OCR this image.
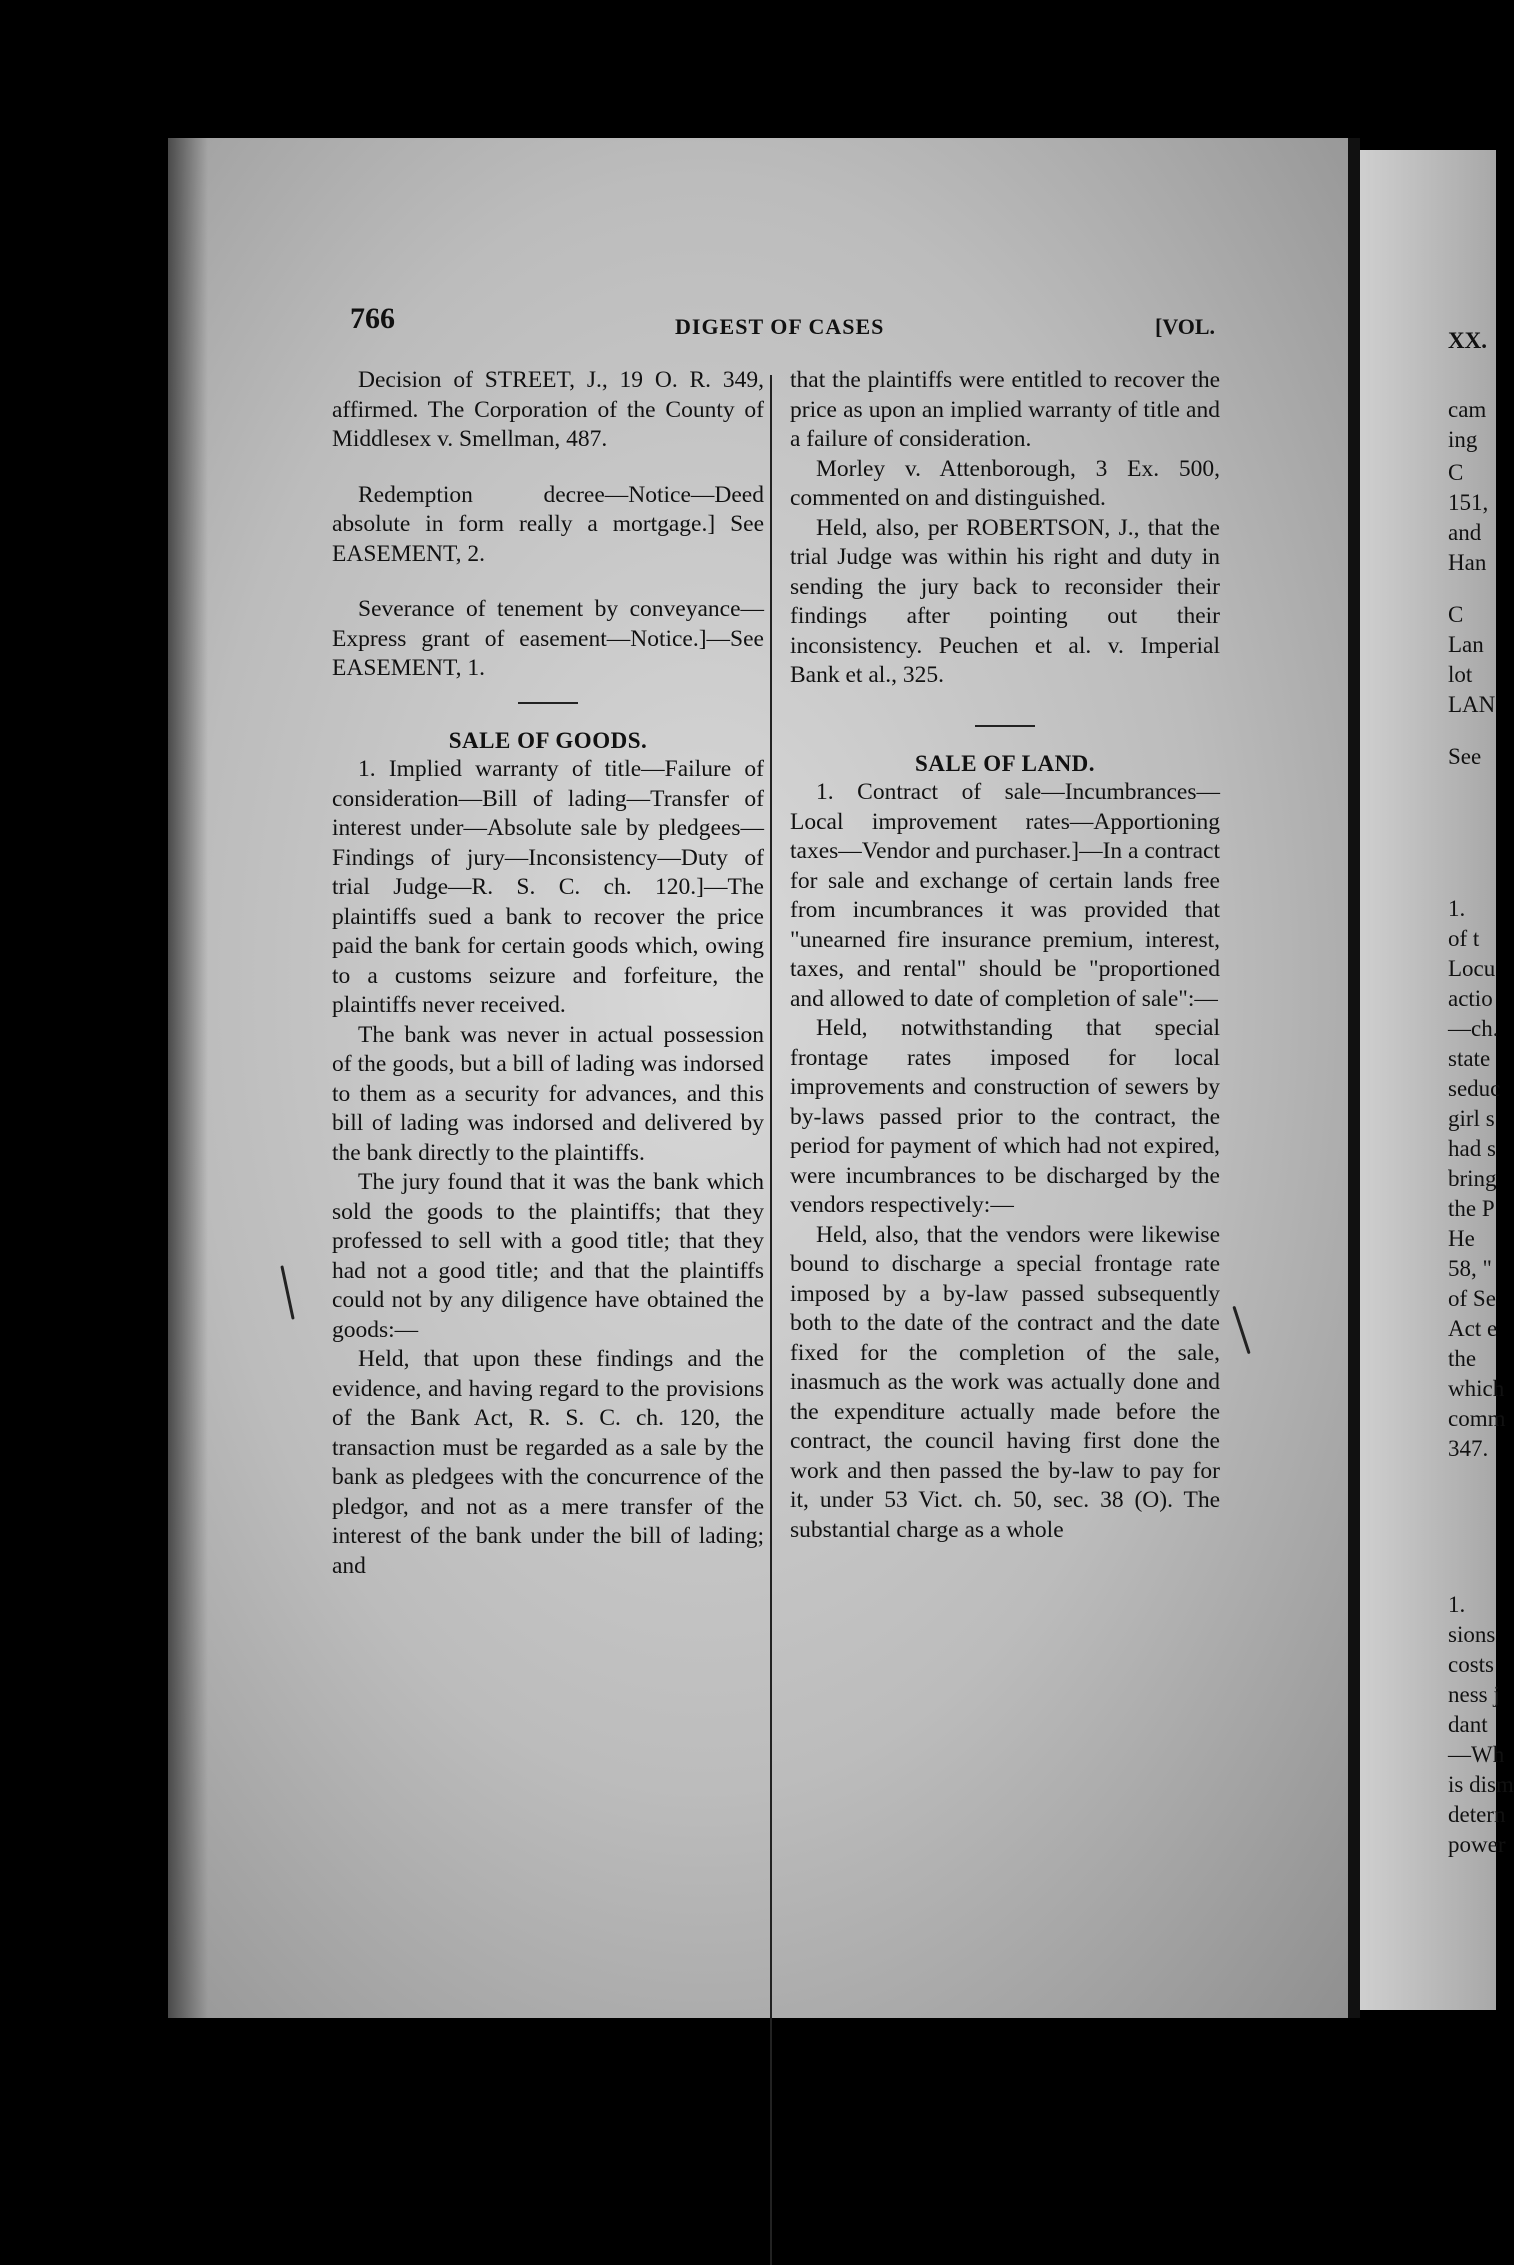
766	DIGEST OF CASES	[VOL.

Decision of STREET, J., 19 O. R. 349, affirmed. The Corporation of the County of Middlesex v. Smellman, 487.

Redemption decree—Notice—Deed absolute in form really a mortgage.] See EASEMENT, 2.

Severance of tenement by conveyance—Express grant of easement—Notice.]—See EASEMENT, 1.

SALE OF GOODS.

1. Implied warranty of title—Failure of consideration—Bill of lading—Transfer of interest under—Absolute sale by pledgees—Findings of jury—Inconsistency—Duty of trial Judge—R. S. C. ch. 120.]—The plaintiffs sued a bank to recover the price paid the bank for certain goods which, owing to a customs seizure and forfeiture, the plaintiffs never received.

The bank was never in actual possession of the goods, but a bill of lading was indorsed to them as a security for advances, and this bill of lading was indorsed and delivered by the bank directly to the plaintiffs.

The jury found that it was the bank which sold the goods to the plaintiffs; that they professed to sell with a good title; that they had not a good title; and that the plaintiffs could not by any diligence have obtained the goods:—

Held, that upon these findings and the evidence, and having regard to the provisions of the Bank Act, R. S. C. ch. 120, the transaction must be regarded as a sale by the bank as pledgees with the concurrence of the pledgor, and not as a mere transfer of the interest of the bank under the bill of lading; and

that the plaintiffs were entitled to recover the price as upon an implied warranty of title and a failure of consideration.

Morley v. Attenborough, 3 Ex. 500, commented on and distinguished.

Held, also, per ROBERTSON, J., that the trial Judge was within his right and duty in sending the jury back to reconsider their findings after pointing out their inconsistency. Peuchen et al. v. Imperial Bank et al., 325.

SALE OF LAND.

1. Contract of sale—Incumbrances—Local improvement rates—Apportioning taxes—Vendor and purchaser.]—In a contract for sale and exchange of certain lands free from incumbrances it was provided that "unearned fire insurance premium, interest, taxes, and rental" should be "proportioned and allowed to date of completion of sale":—

Held, notwithstanding that special frontage rates imposed for local improvements and construction of sewers by by-laws passed prior to the contract, the period for payment of which had not expired, were incumbrances to be discharged by the vendors respectively:—

Held, also, that the vendors were likewise bound to discharge a special frontage rate imposed by a by-law passed subsequently both to the date of the contract and the date fixed for the completion of the sale, inasmuch as the work was actually done and the expenditure actually made before the contract, the council having first done the work and then passed the by-law to pay for it, under 53 Vict. ch. 50, sec. 38 (O). The substantial charge as a whole

XX.
cam
ing
C
151,
and
Han
C
Lan
lot
LAN
See
1.
of t
Locu
actio
—ch.
state
seduc
girl s
had s
bring
the P
He
58, "
of Se
Act e
the
which
comm
347.
1.
sions
costs
ness j
dant
—Wh
is dism
detern
power
